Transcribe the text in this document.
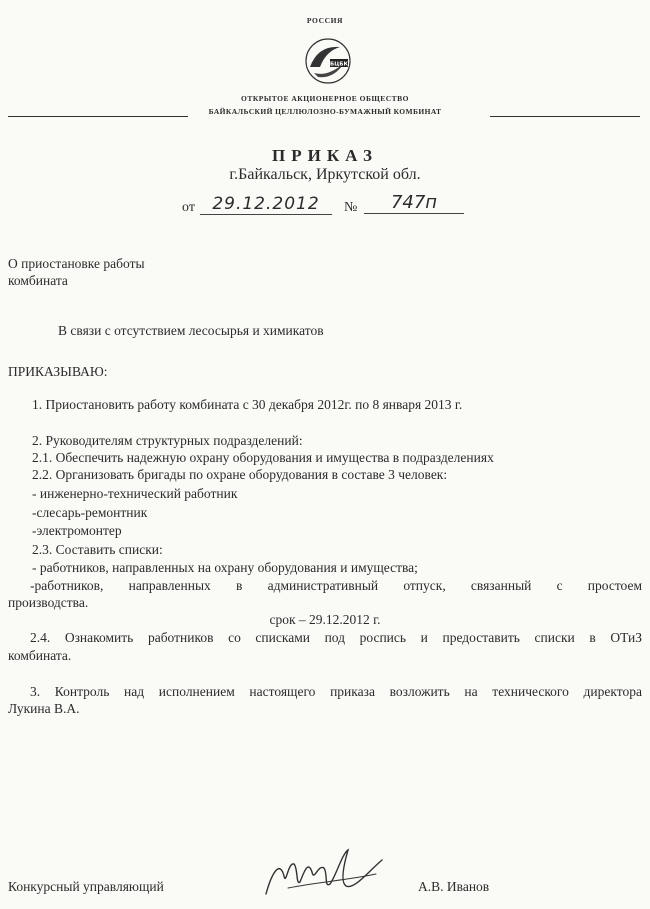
РОССИЯ
БЦБК
ОТКРЫТОЕ АКЦИОНЕРНОЕ ОБЩЕСТВО
БАЙКАЛЬСКИЙ ЦЕЛЛЮЛОЗНО-БУМАЖНЫЙ КОМБИНАТ
ПРИКАЗ
г.Байкальск, Иркутской обл.
от	29.12.2012	№	747п
О приостановке работы
комбината
В связи с отсутствием лесосырья и химикатов
ПРИКАЗЫВАЮ:
1. Приостановить работу комбината с 30 декабря 2012г. по 8 января 2013 г.
2. Руководителям структурных подразделений:
2.1. Обеспечить надежную охрану оборудования и имущества в подразделениях
2.2. Организовать бригады по охране оборудования в составе 3 человек:
- инженерно-технический работник
-слесарь-ремонтник
-электромонтер
2.3. Составить списки:
- работников, направленных на охрану оборудования и имущества;
-работников, направленных в административный отпуск, связанный с простоем
производства.
срок – 29.12.2012 г.
2.4. Ознакомить работников со списками под роспись и предоставить списки в ОТиЗ
комбината.
3. Контроль над исполнением настоящего приказа возложить на технического директора
Лукина В.А.
Конкурсный управляющий	А.В. Иванов
